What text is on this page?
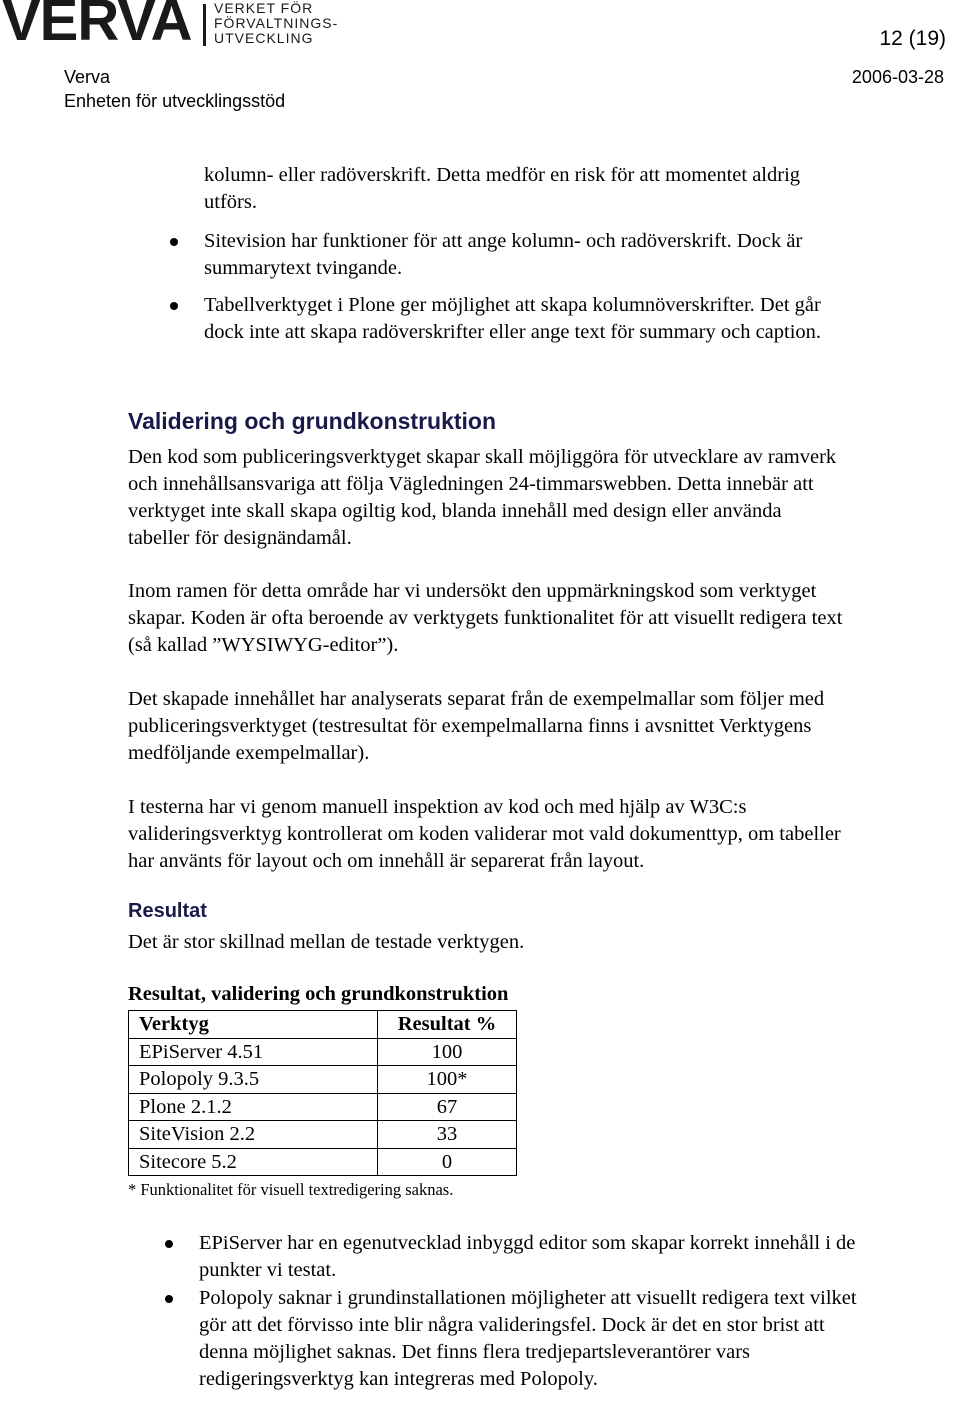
VERVA VERKET FÖR
FÖRVALTNINGS-
UTVECKLING	12 (19)
Verva
Enheten för utvecklingsstöd
2006-03-28
kolumn- eller radöverskrift. Detta medför en risk för att momentet aldrig utförs.
Sitevision har funktioner för att ange kolumn- och radöverskrift. Dock är summarytext tvingande.
Tabellverktyget i Plone ger möjlighet att skapa kolumnöverskrifter. Det går dock inte att skapa radöverskrifter eller ange text för summary och caption.
Validering och grundkonstruktion
Den kod som publiceringsverktyget skapar skall möjliggöra för utvecklare av ramverk och innehållsansvariga att följa Vägledningen 24-timmarswebben. Detta innebär att verktyget inte skall skapa ogiltig kod, blanda innehåll med design eller använda tabeller för designändamål.
Inom ramen för detta område har vi undersökt den uppmärkningskod som verktyget skapar. Koden är ofta beroende av verktygets funktionalitet för att visuellt redigera text (så kallad ”WYSIWYG-editor”).
Det skapade innehållet har analyserats separat från de exempelmallar som följer med publiceringsverktyget (testresultat för exempelmallarna finns i avsnittet Verktygens medföljande exempelmallar).
I testerna har vi genom manuell inspektion av kod och med hjälp av W3C:s valideringsverktyg kontrollerat om koden validerar mot vald dokumenttyp, om tabeller har använts för layout och om innehåll är separerat från layout.
Resultat
Det är stor skillnad mellan de testade verktygen.
Resultat, validering och grundkonstruktion
Verktyg	Resultat %
EPiServer 4.51	100
Polopoly 9.3.5	100*
Plone 2.1.2	67
SiteVision 2.2	33
Sitecore 5.2	0
* Funktionalitet för visuell textredigering saknas.
EPiServer har en egenutvecklad inbyggd editor som skapar korrekt innehåll i de punkter vi testat.
Polopoly saknar i grundinstallationen möjligheter att visuellt redigera text vilket gör att det förvisso inte blir några valideringsfel. Dock är det en stor brist att denna möjlighet saknas. Det finns flera tredjepartsleverantörer vars redigeringsverktyg kan integreras med Polopoly.
